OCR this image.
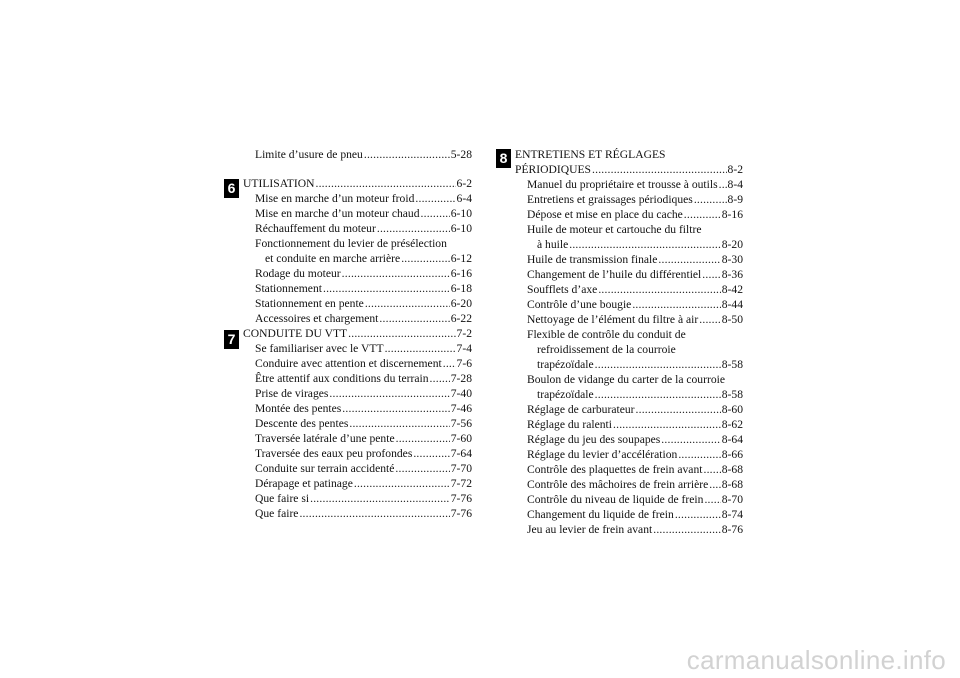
6
7
8
Limite d’usure de pneu .....	5-28
UTILISATION .....	6-2
Mise en marche d’un moteur froid .....	6-4
Mise en marche d’un moteur chaud .....	6-10
Réchauffement du moteur .....	6-10
Fonctionnement du levier de présélection
et conduite en marche arrière .....	6-12
Rodage du moteur .....	6-16
Stationnement .....	6-18
Stationnement en pente .....	6-20
Accessoires et chargement .....	6-22
CONDUITE DU VTT .....	7-2
Se familiariser avec le VTT .....	7-4
Conduire avec attention et discernement ..... 7-6
Être attentif aux conditions du terrain ..... 7-28
Prise de virages .....	7-40
Montée des pentes .....	7-46
Descente des pentes .....	7-56
Traversée latérale d’une pente .....	7-60
Traversée des eaux peu profondes .....	7-64
Conduite sur terrain accidenté .....	7-70
Dérapage et patinage .....	7-72
Que faire si .....	7-76
Que faire .....	7-76
ENTRETIENS ET RÉGLAGES
PÉRIODIQUES .....	8-2
Manuel du propriétaire et trousse à outils ..... 8-4
Entretiens et graissages périodiques .....	8-9
Dépose et mise en place du cache .....	8-16
Huile de moteur et cartouche du filtre
à huile .....	8-20
Huile de transmission finale .....	8-30
Changement de l’huile du différentiel ..... 8-36
Soufflets d’axe .....	8-42
Contrôle d’une bougie .....	8-44
Nettoyage de l’élément du filtre à air ..... 8-50
Flexible de contrôle du conduit de
refroidissement de la courroie
trapézoïdale .....	8-58
Boulon de vidange du carter de la courroie
trapézoïdale .....	8-58
Réglage de carburateur .....	8-60
Réglage du ralenti .....	8-62
Réglage du jeu des soupapes .....	8-64
Réglage du levier d’accélération .....	8-66
Contrôle des plaquettes de frein avant ..... 8-68
Contrôle des mâchoires de frein arrière ..... 8-68
Contrôle du niveau de liquide de frein ..... 8-70
Changement du liquide de frein .....	8-74
Jeu au levier de frein avant .....	8-76
carmanualsonline.info
